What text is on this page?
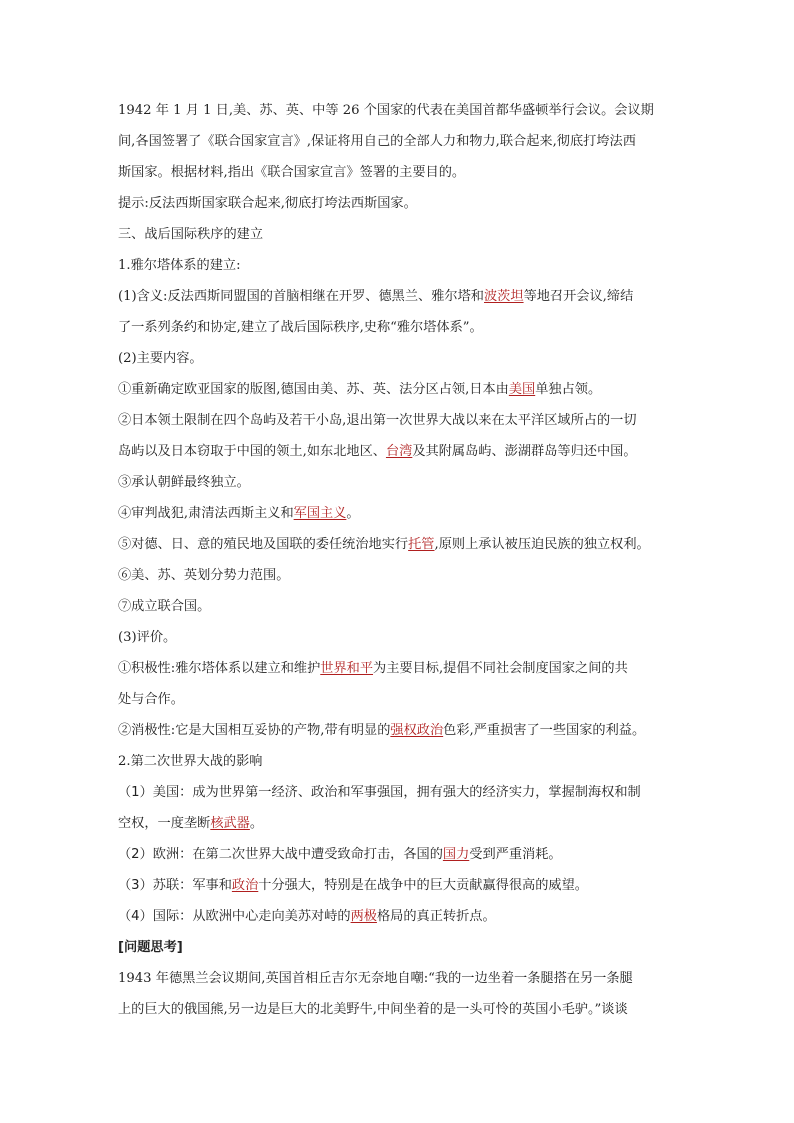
1942 年 1 月 1 日,美、苏、英、中等 26 个国家的代表在美国首都华盛顿举行会议。会议期
间,各国签署了《联合国家宣言》,保证将用自己的全部人力和物力,联合起来,彻底打垮法西
斯国家。根据材料,指出《联合国家宣言》签署的主要目的。
提示:反法西斯国家联合起来,彻底打垮法西斯国家。
三、战后国际秩序的建立
1.雅尔塔体系的建立:
(1)含义:反法西斯同盟国的首脑相继在开罗、德黑兰、雅尔塔和波茨坦等地召开会议,缔结
了一系列条约和协定,建立了战后国际秩序,史称“雅尔塔体系”。
(2)主要内容。
①重新确定欧亚国家的版图,德国由美、苏、英、法分区占领,日本由美国单独占领。
②日本领土限制在四个岛屿及若干小岛,退出第一次世界大战以来在太平洋区域所占的一切
岛屿以及日本窃取于中国的领土,如东北地区、台湾及其附属岛屿、澎湖群岛等归还中国。
③承认朝鲜最终独立。
④审判战犯,肃清法西斯主义和军国主义。
⑤对德、日、意的殖民地及国联的委任统治地实行托管,原则上承认被压迫民族的独立权利。
⑥美、苏、英划分势力范围。
⑦成立联合国。
(3)评价。
①积极性:雅尔塔体系以建立和维护世界和平为主要目标,提倡不同社会制度国家之间的共
处与合作。
②消极性:它是大国相互妥协的产物,带有明显的强权政治色彩,严重损害了一些国家的利益。
2.第二次世界大战的影响
（1）美国：成为世界第一经济、政治和军事强国，拥有强大的经济实力，掌握制海权和制
空权，一度垄断核武器。
（2）欧洲：在第二次世界大战中遭受致命打击，各国的国力受到严重消耗。
（3）苏联：军事和政治十分强大，特别是在战争中的巨大贡献赢得很高的威望。
（4）国际：从欧洲中心走向美苏对峙的两极格局的真正转折点。
[问题思考]
1943 年德黑兰会议期间,英国首相丘吉尔无奈地自嘲:“我的一边坐着一条腿搭在另一条腿
上的巨大的俄国熊,另一边是巨大的北美野牛,中间坐着的是一头可怜的英国小毛驴。”谈谈
